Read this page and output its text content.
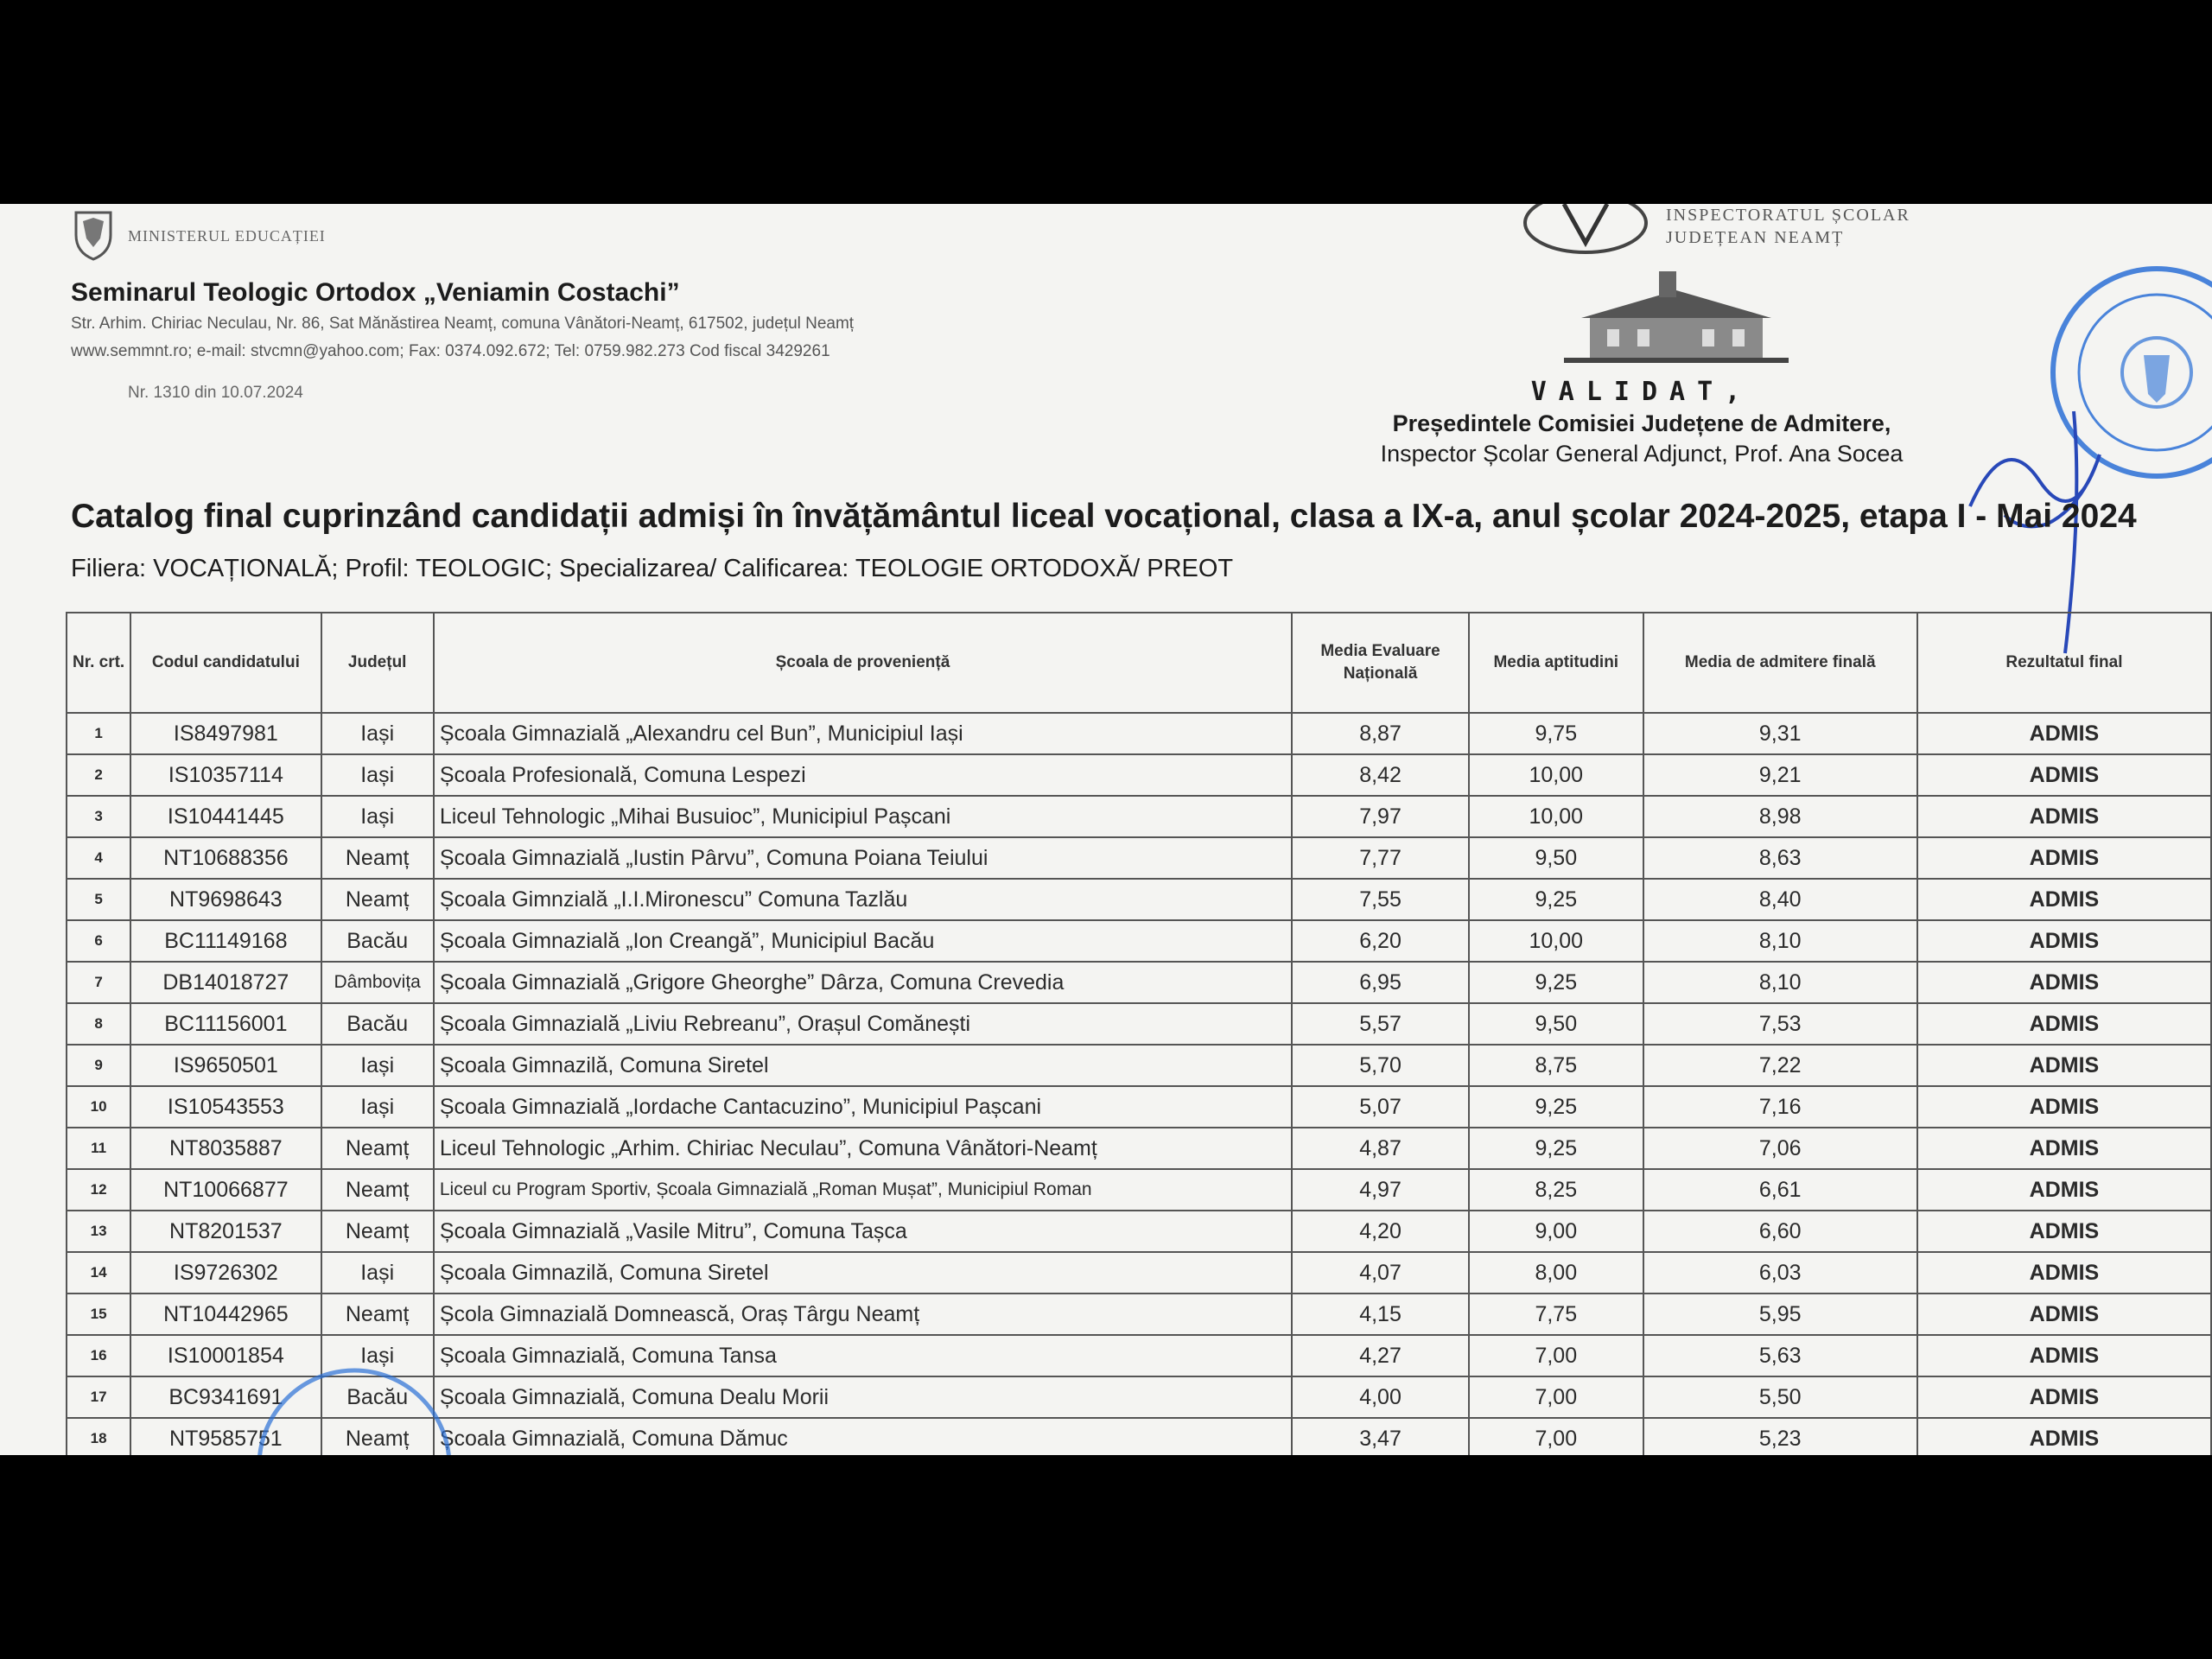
MINISTERUL EDUCAȚIEI
INSPECTORATUL ȘCOLAR
JUDEȚEAN NEAMȚ
Seminarul Teologic Ortodox „Veniamin Costachi”
Str. Arhim. Chiriac Neculau, Nr. 86, Sat Mănăstirea Neamț, comuna Vânători-Neamț, 617502, județul Neamț
www.semmnt.ro; e-mail: stvcmn@yahoo.com; Fax: 0374.092.672; Tel: 0759.982.273 Cod fiscal 3429261
Nr. 1310 din 10.07.2024	VALIDAT,
Președintele Comisiei Județene de Admitere,
Inspector Școlar General Adjunct, Prof. Ana Socea
Catalog final cuprinzând candidații admiși în învățământul liceal vocațional, clasa a IX-a, anul școlar 2024-2025, etapa I - Mai 2024
Filiera: VOCAȚIONALĂ; Profil: TEOLOGIC; Specializarea/ Calificarea: TEOLOGIE ORTODOXĂ/ PREOT
Nr. crt.	Codul candidatului	Județul	Școala de proveniență	Media Evaluare Națională	Media aptitudini	Media de admitere finală	Rezultatul final
1	IS8497981	Iași	Școala Gimnazială „Alexandru cel Bun”, Municipiul Iași	8,87	9,75	9,31	ADMIS
2	IS10357114	Iași	Școala Profesională, Comuna Lespezi	8,42	10,00	9,21	ADMIS
3	IS10441445	Iași	Liceul Tehnologic „Mihai Busuioc”, Municipiul Pașcani	7,97	10,00	8,98	ADMIS
4	NT10688356	Neamț	Școala Gimnazială „Iustin Pârvu”, Comuna Poiana Teiului	7,77	9,50	8,63	ADMIS
5	NT9698643	Neamț	Școala Gimnzială „I.I.Mironescu” Comuna Tazlău	7,55	9,25	8,40	ADMIS
6	BC11149168	Bacău	Școala Gimnazială „Ion Creangă”, Municipiul Bacău	6,20	10,00	8,10	ADMIS
7	DB14018727	Dâmbovița	Școala Gimnazială „Grigore Gheorghe” Dârza, Comuna Crevedia	6,95	9,25	8,10	ADMIS
8	BC11156001	Bacău	Școala Gimnazială „Liviu Rebreanu”, Orașul Comănești	5,57	9,50	7,53	ADMIS
9	IS9650501	Iași	Școala Gimnazilă, Comuna Siretel	5,70	8,75	7,22	ADMIS
10	IS10543553	Iași	Școala Gimnazială „Iordache Cantacuzino”, Municipiul Pașcani	5,07	9,25	7,16	ADMIS
11	NT8035887	Neamț	Liceul Tehnologic „Arhim. Chiriac Neculau”, Comuna Vânători-Neamț	4,87	9,25	7,06	ADMIS
12	NT10066877	Neamț	Liceul cu Program Sportiv, Școala Gimnazială „Roman Mușat”, Municipiul Roman	4,97	8,25	6,61	ADMIS
13	NT8201537	Neamț	Școala Gimnazială „Vasile Mitru”, Comuna Tașca	4,20	9,00	6,60	ADMIS
14	IS9726302	Iași	Școala Gimnazilă, Comuna Siretel	4,07	8,00	6,03	ADMIS
15	NT10442965	Neamț	Școla Gimnazială Domnească, Oraș Târgu Neamț	4,15	7,75	5,95	ADMIS
16	IS10001854	Iași	Școala Gimnazială, Comuna Tansa	4,27	7,00	5,63	ADMIS
17	BC9341691	Bacău	Școala Gimnazială, Comuna Dealu Morii	4,00	7,00	5,50	ADMIS
18	NT9585751	Neamț	Școala Gimnazială, Comuna Dămuc	3,47	7,00	5,23	ADMIS
